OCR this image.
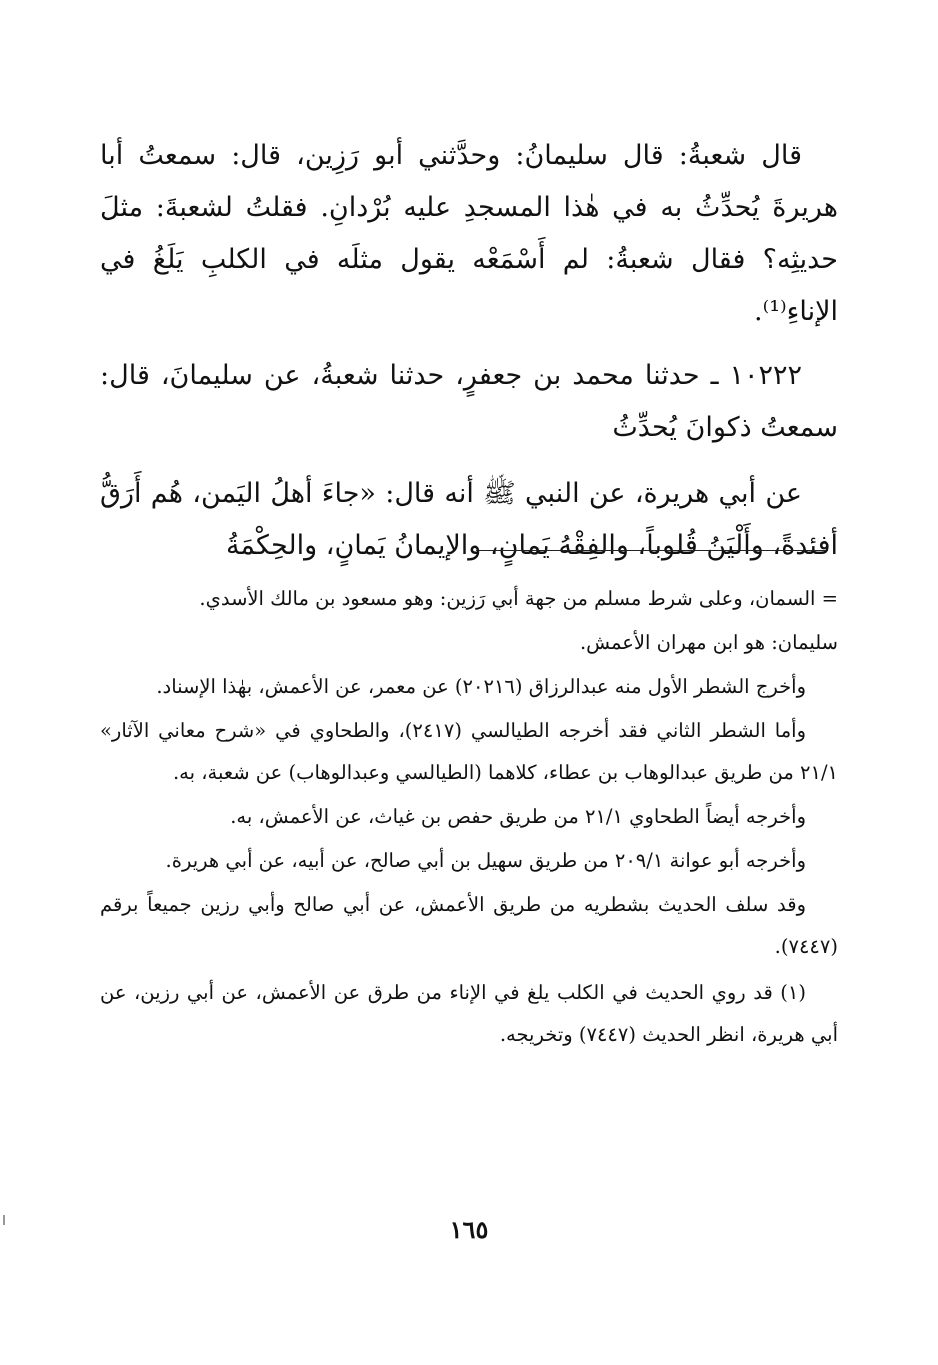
قال شعبةُ: قال سليمانُ: وحدَّثني أبو رَزِين، قال: سمعتُ أبا هريرةَ يُحدِّثُ به في هٰذا المسجدِ عليه بُرْدانِ. فقلتُ لشعبةَ: مثلَ حديثِه؟ فقال شعبةُ: لم أَسْمَعْه يقول مثلَه في الكلبِ يَلَغُ في الإناءِ⁽¹⁾.

١٠٢٢٢ ـ حدثنا محمد بن جعفرٍ، حدثنا شعبةُ، عن سليمانَ، قال: سمعتُ ذكوانَ يُحدِّثُ

عن أبي هريرة، عن النبي ﷺ أنه قال: «جاءَ أهلُ اليَمن، هُم أَرَقُّ أفئدةً، وأَلْيَنُ قُلوباً، والفِقْهُ يَمانٍ، والإيمانُ يَمانٍ، والحِكْمَةُ

= السمان، وعلى شرط مسلم من جهة أبي رَزين: وهو مسعود بن مالك الأسدي.

سليمان: هو ابن مهران الأعمش.

وأخرج الشطر الأول منه عبدالرزاق (٢٠٢١٦) عن معمر، عن الأعمش، بهٰذا الإسناد.

وأما الشطر الثاني فقد أخرجه الطيالسي (٢٤١٧)، والطحاوي في «شرح معاني الآثار» ٢١/١ من طريق عبدالوهاب بن عطاء، كلاهما (الطيالسي وعبدالوهاب) عن شعبة، به.

وأخرجه أيضاً الطحاوي ٢١/١ من طريق حفص بن غياث، عن الأعمش، به.

وأخرجه أبو عوانة ٢٠٩/١ من طريق سهيل بن أبي صالح، عن أبيه، عن أبي هريرة.

وقد سلف الحديث بشطريه من طريق الأعمش، عن أبي صالح وأبي رزين جميعاً برقم (٧٤٤٧).

(١) قد روي الحديث في الكلب يلغ في الإناء من طرق عن الأعمش، عن أبي رزين، عن أبي هريرة، انظر الحديث (٧٤٤٧) وتخريجه.

١٦٥
